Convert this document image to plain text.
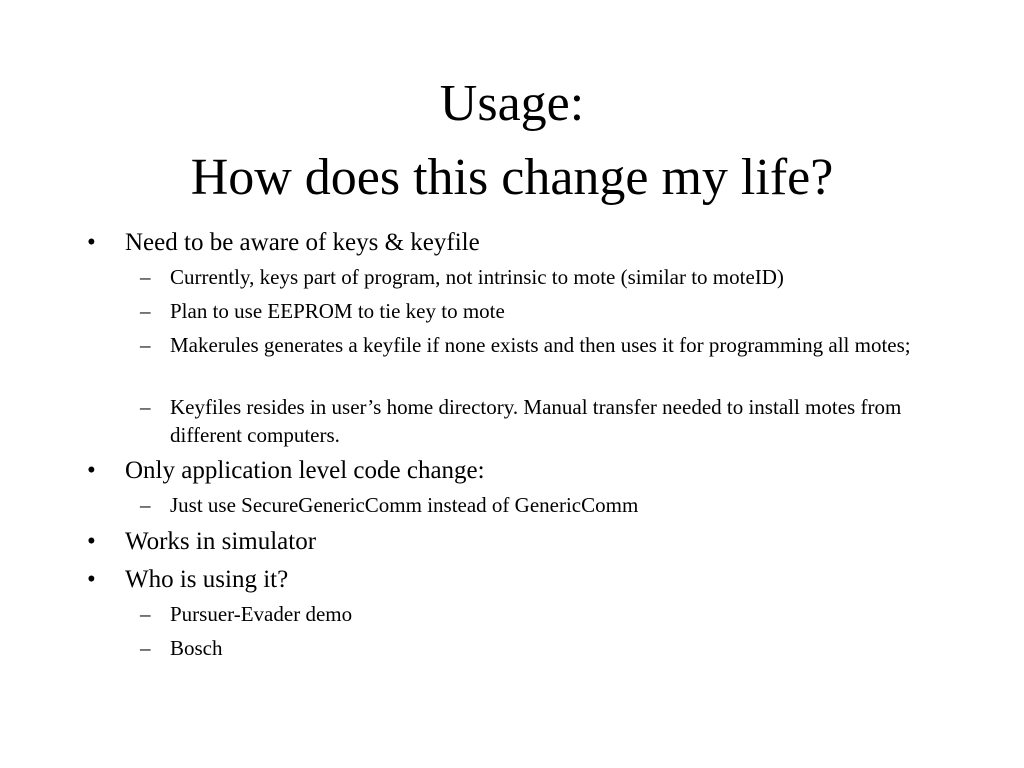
Usage:
How does this change my life?
• Need to be aware of keys & keyfile
– Currently, keys part of program, not intrinsic to mote (similar to moteID)
– Plan to use EEPROM to tie key to mote
– Makerules generates a keyfile if none exists and then uses it for programming all motes;
– Keyfiles resides in user’s home directory. Manual transfer needed to install motes from different computers.
• Only application level code change:
– Just use SecureGenericComm instead of GenericComm
• Works in simulator
• Who is using it?
– Pursuer-Evader demo
– Bosch
